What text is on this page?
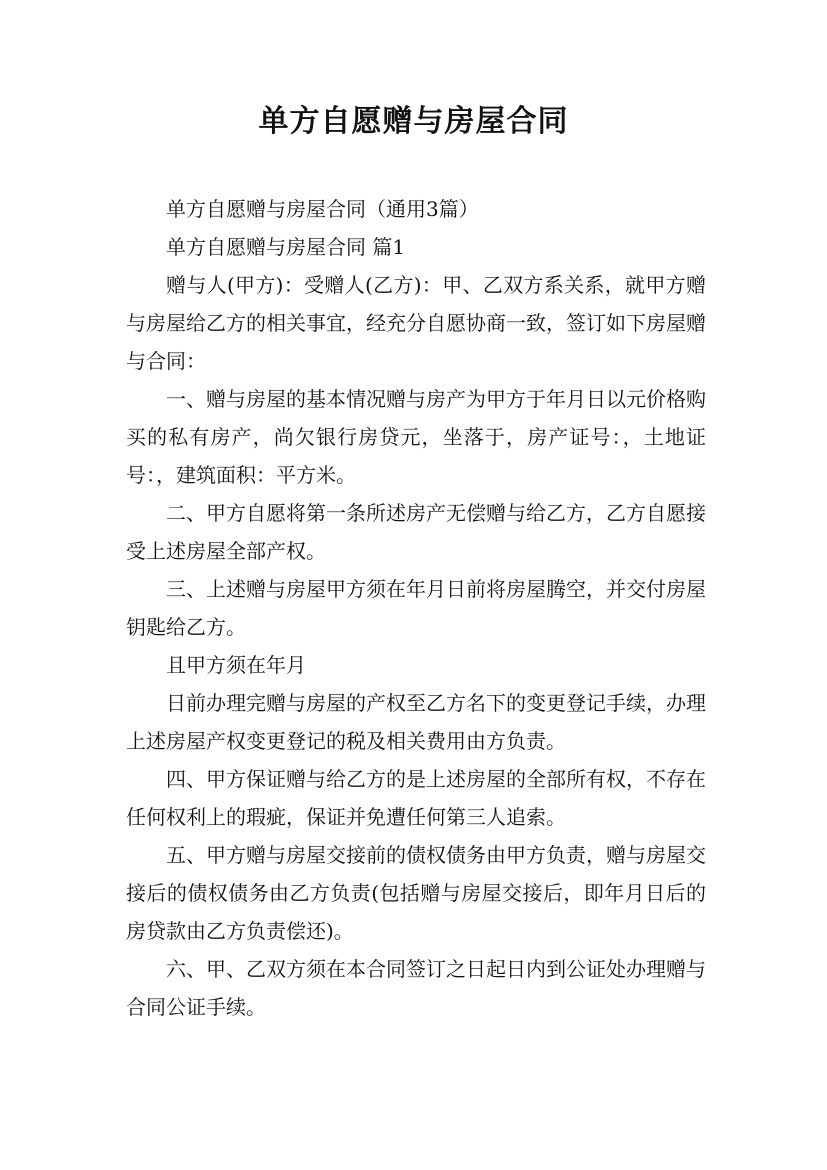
单方自愿赠与房屋合同

单方自愿赠与房屋合同（通用3篇）

单方自愿赠与房屋合同 篇1

赠与人(甲方)：受赠人(乙方)：甲、乙双方系关系，就甲方赠与房屋给乙方的相关事宜，经充分自愿协商一致，签订如下房屋赠与合同：

一、赠与房屋的基本情况赠与房产为甲方于年月日以元价格购买的私有房产，尚欠银行房贷元，坐落于，房产证号：，土地证号：，建筑面积：平方米。

二、甲方自愿将第一条所述房产无偿赠与给乙方，乙方自愿接受上述房屋全部产权。

三、上述赠与房屋甲方须在年月日前将房屋腾空，并交付房屋钥匙给乙方。

且甲方须在年月

日前办理完赠与房屋的产权至乙方名下的变更登记手续，办理上述房屋产权变更登记的税及相关费用由方负责。

四、甲方保证赠与给乙方的是上述房屋的全部所有权，不存在任何权利上的瑕疵，保证并免遭任何第三人追索。

五、甲方赠与房屋交接前的债权债务由甲方负责，赠与房屋交接后的债权债务由乙方负责(包括赠与房屋交接后，即年月日后的房贷款由乙方负责偿还)。

六、甲、乙双方须在本合同签订之日起日内到公证处办理赠与合同公证手续。
